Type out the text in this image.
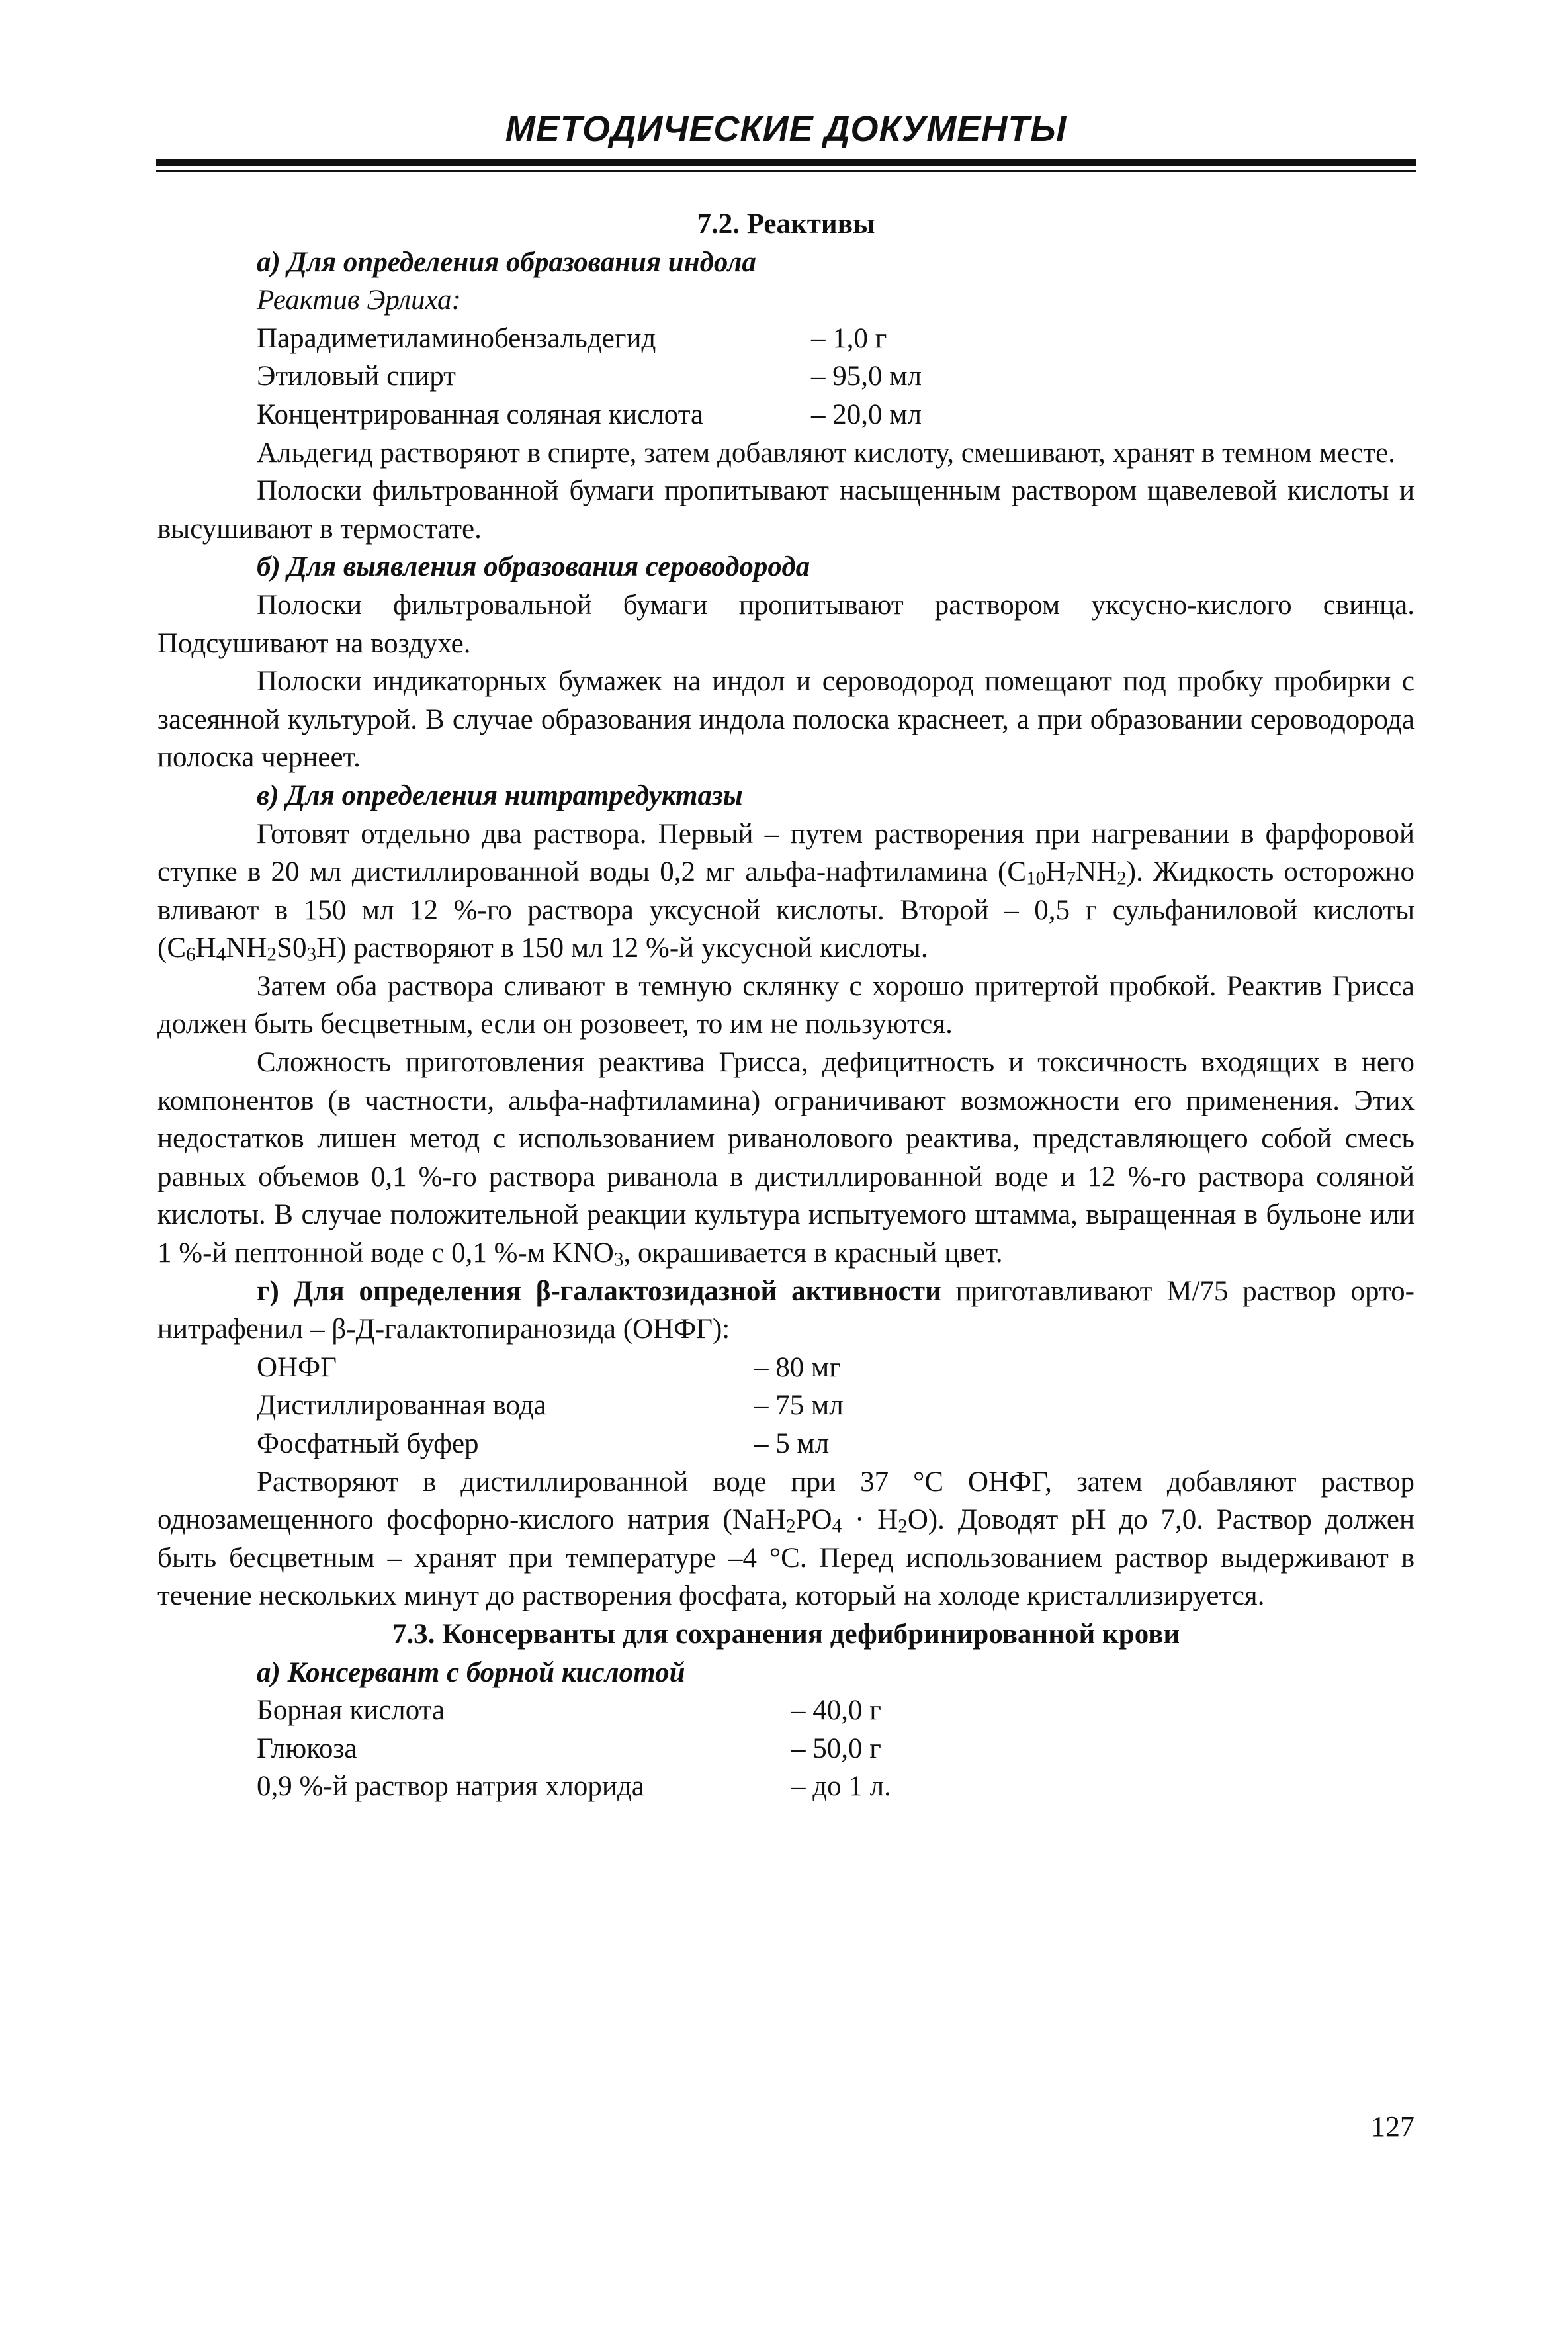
МЕТОДИЧЕСКИЕ ДОКУМЕНТЫ

7.2. Реактивы

а) Для определения образования индола

Реактив Эрлиха:

Парадиметиламинобензальдегид	– 1,0 г
Этиловый спирт	– 95,0 мл
Концентрированная соляная кислота	– 20,0 мл

Альдегид растворяют в спирте, затем добавляют кислоту, смешивают, хранят в темном месте.

Полоски фильтрованной бумаги пропитывают насыщенным раствором щавелевой кислоты и высушивают в термостате.

б) Для выявления образования сероводорода

Полоски фильтровальной бумаги пропитывают раствором уксусно-кислого свинца. Подсушивают на воздухе.

Полоски индикаторных бумажек на индол и сероводород помещают под пробку пробирки с засеянной культурой. В случае образования индола полоска краснеет, а при образовании сероводорода полоска чернеет.

в) Для определения нитратредуктазы

Готовят отдельно два раствора. Первый – путем растворения при нагревании в фарфоровой ступке в 20 мл дистиллированной воды 0,2 мг альфа-нафтиламина $(C_{10}H_7NH_2)$. Жидкость осторожно вливают в 150 мл 12 %-го раствора уксусной кислоты. Второй – 0,5 г сульфаниловой кислоты $(C_6H_4NH_2S0_3H)$ растворяют в 150 мл 12 %-й уксусной кислоты.

Затем оба раствора сливают в темную склянку с хорошо притертой пробкой. Реактив Грисса должен быть бесцветным, если он розовеет, то им не пользуются.

Сложность приготовления реактива Грисса, дефицитность и токсичность входящих в него компонентов (в частности, альфа-нафтиламина) ограничивают возможности его применения. Этих недостатков лишен метод с использованием риванолового реактива, представляющего собой смесь равных объемов 0,1 %-го раствора риванола в дистиллированной воде и 12 %-го раствора соляной кислоты. В случае положительной реакции культура испытуемого штамма, выращенная в бульоне или 1 %-й пептонной воде с 0,1 %-м $KNO_3$, окрашивается в красный цвет.

г) Для определения β-галактозидазной активности приготавливают М/75 раствор орто-нитрафенил – β-Д-галактопиранозида (ОНФГ):

ОНФГ	– 80 мг
Дистиллированная вода	– 75 мл
Фосфатный буфер	– 5 мл

Растворяют в дистиллированной воде при 37 °С ОНФГ, затем добавляют раствор однозамещенного фосфорно-кислого натрия $(NaH_2PO_4 \cdot H_2O)$. Доводят pH до 7,0. Раствор должен быть бесцветным – хранят при температуре –4 °С. Перед использованием раствор выдерживают в течение нескольких минут до растворения фосфата, который на холоде кристаллизируется.

7.3. Консерванты для сохранения дефибринированной крови

а) Консервант с борной кислотой

Борная кислота	– 40,0 г
Глюкоза	– 50,0 г
0,9 %-й раствор натрия хлорида	– до 1 л.
127
